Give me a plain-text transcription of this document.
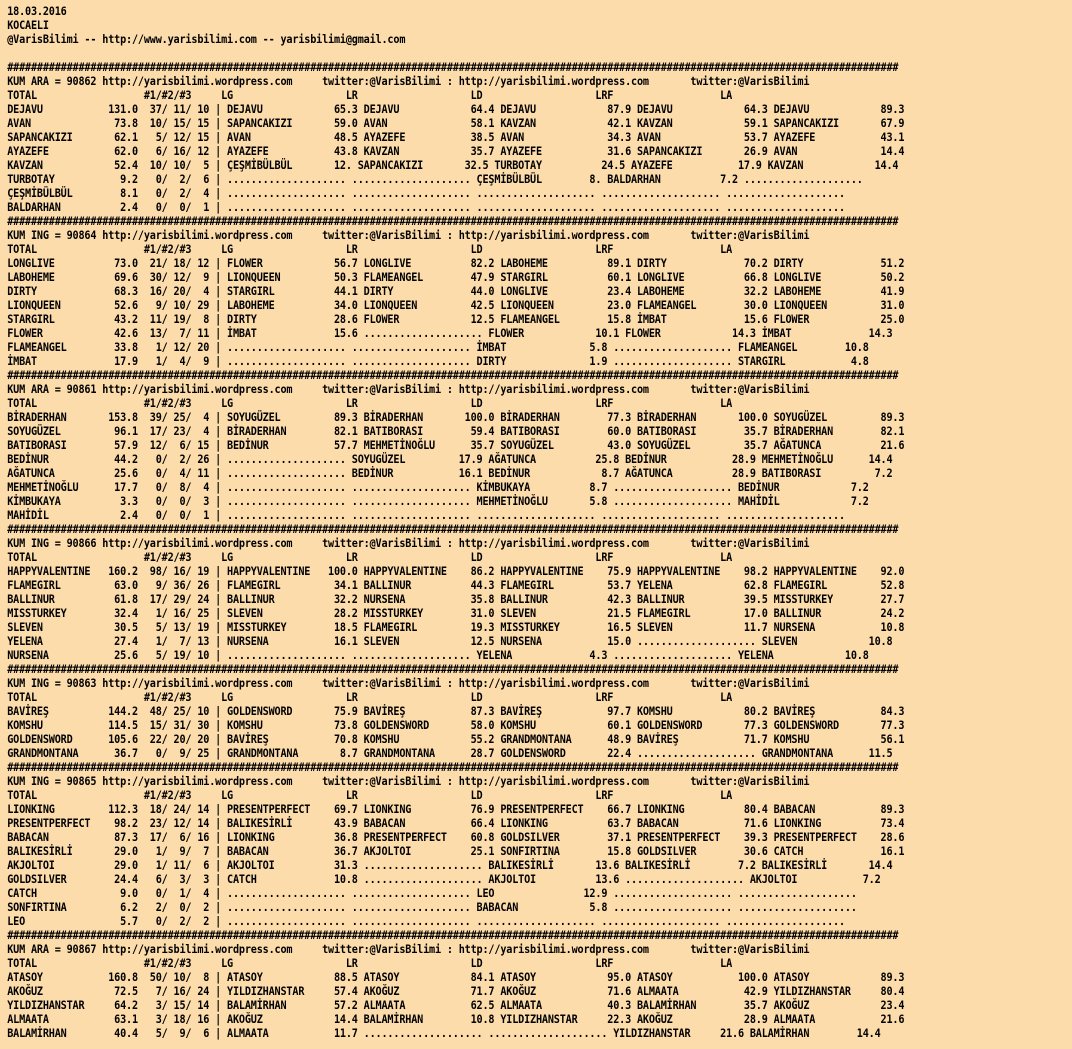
18.03.2016
KOCAELI
@VarisBilimi -- http://www.yarisbilimi.com -- yarisbilimi@gmail.com

######################################################################################################################################################
KUM ARA = 90862 http://yarisbilimi.wordpress.com     twitter:@VarisBilimi : http://yarisbilimi.wordpress.com       twitter:@VarisBilimi
TOTAL                  #1/#2/#3     LG                   LR                   LD                   LRF                  LA
DEJAVU           131.0  37/ 11/ 10 | DEJAVU            65.3 DEJAVU            64.4 DEJAVU            87.9 DEJAVU            64.3 DEJAVU            89.3
AVAN              73.8  10/ 15/ 15 | SAPANCAKIZI       59.0 AVAN              58.1 KAVZAN            42.1 KAVZAN            59.1 SAPANCAKIZI       67.9
SAPANCAKIZI       62.1   5/ 12/ 15 | AVAN              48.5 AYAZEFE           38.5 AVAN              34.3 AVAN              53.7 AYAZEFE           43.1
AYAZEFE           62.0   6/ 16/ 12 | AYAZEFE           43.8 KAVZAN            35.7 AYAZEFE           31.6 SAPANCAKIZI       26.9 AVAN              14.4
KAVZAN            52.4  10/ 10/  5 | ÇEŞMİBÜLBÜL       12. SAPANCAKIZI       32.5 TURBOTAY          24.5 AYAZEFE           17.9 KAVZAN            14.4
TURBOTAY           9.2   0/  2/  6 | .................... .................... ÇEŞMİBÜLBÜL        8. BALDARHAN          7.2 ....................
ÇEŞMİBÜLBÜL        8.1   0/  2/  4 | .................... .................... .................... .................... ....................
BALDARHAN          2.4   0/  0/  1 | .................... .................... .................... .................... ....................
######################################################################################################################################################
KUM ING = 90864 http://yarisbilimi.wordpress.com     twitter:@VarisBilimi : http://yarisbilimi.wordpress.com       twitter:@VarisBilimi
TOTAL                  #1/#2/#3     LG                   LR                   LD                   LRF                  LA
LONGLIVE          73.0  21/ 18/ 12 | FLOWER            56.7 LONGLIVE          82.2 LABOHEME          89.1 DIRTY             70.2 DIRTY             51.2
LABOHEME          69.6  30/ 12/  9 | LIONQUEEN         50.3 FLAMEANGEL        47.9 STARGIRL          60.1 LONGLIVE          66.8 LONGLIVE          50.2
DIRTY             68.3  16/ 20/  4 | STARGIRL          44.1 DIRTY             44.0 LONGLIVE          23.4 LABOHEME          32.2 LABOHEME          41.9
LIONQUEEN         52.6   9/ 10/ 29 | LABOHEME          34.0 LIONQUEEN         42.5 LIONQUEEN         23.0 FLAMEANGEL        30.0 LIONQUEEN         31.0
STARGIRL          43.2  11/ 19/  8 | DIRTY             28.6 FLOWER            12.5 FLAMEANGEL        15.8 İMBAT             15.6 FLOWER            25.0
FLOWER            42.6  13/  7/ 11 | İMBAT             15.6 .................... FLOWER            10.1 FLOWER            14.3 İMBAT             14.3
FLAMEANGEL        33.8   1/ 12/ 20 | .................... .................... İMBAT              5.8 .................... FLAMEANGEL        10.8
İMBAT             17.9   1/  4/  9 | .................... .................... DIRTY              1.9 .................... STARGIRL           4.8
######################################################################################################################################################
KUM ARA = 90861 http://yarisbilimi.wordpress.com     twitter:@VarisBilimi : http://yarisbilimi.wordpress.com       twitter:@VarisBilimi
TOTAL                  #1/#2/#3     LG                   LR                   LD                   LRF                  LA
BİRADERHAN       153.8  39/ 25/  4 | SOYUGÜZEL         89.3 BİRADERHAN       100.0 BİRADERHAN        77.3 BİRADERHAN       100.0 SOYUGÜZEL         89.3
SOYUGÜZEL         96.1  17/ 23/  4 | BİRADERHAN        82.1 BATIBORASI        59.4 BATIBORASI        60.0 BATIBORASI        35.7 BİRADERHAN        82.1
BATIBORASI        57.9  12/  6/ 15 | BEDİNUR           57.7 MEHMETİNOĞLU      35.7 SOYUGÜZEL         43.0 SOYUGÜZEL         35.7 AĞATUNCA          21.6
BEDİNUR           44.2   0/  2/ 26 | .................... SOYUGÜZEL         17.9 AĞATUNCA          25.8 BEDİNUR           28.9 MEHMETİNOĞLU      14.4
AĞATUNCA          25.6   0/  4/ 11 | .................... BEDİNUR           16.1 BEDİNUR            8.7 AĞATUNCA          28.9 BATIBORASI         7.2
MEHMETİNOĞLU      17.7   0/  8/  4 | .................... .................... KİMBUKAYA          8.7 .................... BEDİNUR            7.2
KİMBUKAYA          3.3   0/  0/  3 | .................... .................... MEHMETİNOĞLU       5.8 .................... MAHİDİL            7.2
MAHİDİL            2.4   0/  0/  1 | .................... .................... .................... .................... ....................
######################################################################################################################################################
KUM ING = 90866 http://yarisbilimi.wordpress.com     twitter:@VarisBilimi : http://yarisbilimi.wordpress.com       twitter:@VarisBilimi
TOTAL                  #1/#2/#3     LG                   LR                   LD                   LRF                  LA
HAPPYVALENTINE   160.2  98/ 16/ 19 | HAPPYVALENTINE   100.0 HAPPYVALENTINE    86.2 HAPPYVALENTINE    75.9 HAPPYVALENTINE    98.2 HAPPYVALENTINE    92.0
FLAMEGIRL         63.0   9/ 36/ 26 | FLAMEGIRL         34.1 BALLINUR          44.3 FLAMEGIRL         53.7 YELENA            62.8 FLAMEGIRL         52.8
BALLINUR          61.8  17/ 29/ 24 | BALLINUR          32.2 NURSENA           35.8 BALLINUR          42.3 BALLINUR          39.5 MISSTURKEY        27.7
MISSTURKEY        32.4   1/ 16/ 25 | SLEVEN            28.2 MISSTURKEY        31.0 SLEVEN            21.5 FLAMEGIRL         17.0 BALLINUR          24.2
SLEVEN            30.5   5/ 13/ 19 | MISSTURKEY        18.5 FLAMEGIRL         19.3 MISSTURKEY        16.5 SLEVEN            11.7 NURSENA           10.8
YELENA            27.4   1/  7/ 13 | NURSENA           16.1 SLEVEN            12.5 NURSENA           15.0 .................... SLEVEN            10.8
NURSENA           25.6   5/ 19/ 10 | .................... .................... YELENA             4.3 .................... YELENA            10.8
######################################################################################################################################################
KUM ING = 90863 http://yarisbilimi.wordpress.com     twitter:@VarisBilimi : http://yarisbilimi.wordpress.com       twitter:@VarisBilimi
TOTAL                  #1/#2/#3     LG                   LR                   LD                   LRF                  LA
BAVİREŞ          144.2  48/ 25/ 10 | GOLDENSWORD       75.9 BAVİREŞ           87.3 BAVİREŞ           97.7 KOMSHU            80.2 BAVİREŞ           84.3
KOMSHU           114.5  15/ 31/ 30 | KOMSHU            73.8 GOLDENSWORD       58.0 KOMSHU            60.1 GOLDENSWORD       77.3 GOLDENSWORD       77.3
GOLDENSWORD      105.6  22/ 20/ 20 | BAVİREŞ           70.8 KOMSHU            55.2 GRANDMONTANA      48.9 BAVİREŞ           71.7 KOMSHU            56.1
GRANDMONTANA      36.7   0/  9/ 25 | GRANDMONTANA       8.7 GRANDMONTANA      28.7 GOLDENSWORD       22.4 .................... GRANDMONTANA      11.5
######################################################################################################################################################
KUM ING = 90865 http://yarisbilimi.wordpress.com     twitter:@VarisBilimi : http://yarisbilimi.wordpress.com       twitter:@VarisBilimi
TOTAL                  #1/#2/#3     LG                   LR                   LD                   LRF                  LA
LIONKING         112.3  18/ 24/ 14 | PRESENTPERFECT    69.7 LIONKING          76.9 PRESENTPERFECT    66.7 LIONKING          80.4 BABACAN           89.3
PRESENTPERFECT    98.2  23/ 12/ 14 | BALIKESİRLİ       43.9 BABACAN           66.4 LIONKING          63.7 BABACAN           71.6 LIONKING          73.4
BABACAN           87.3  17/  6/ 16 | LIONKING          36.8 PRESENTPERFECT    60.8 GOLDSILVER        37.1 PRESENTPERFECT    39.3 PRESENTPERFECT    28.6
BALIKESİRLİ       29.0   1/  9/  7 | BABACAN           36.7 AKJOLTOI          25.1 SONFIRTINA        15.8 GOLDSILVER        30.6 CATCH             16.1
AKJOLTOI          29.0   1/ 11/  6 | AKJOLTOI          31.3 .................... BALIKESİRLİ       13.6 BALIKESİRLİ        7.2 BALIKESİRLİ       14.4
GOLDSILVER        24.4   6/  3/  3 | CATCH             10.8 .................... AKJOLTOI          13.6 .................... AKJOLTOI           7.2
CATCH              9.0   0/  1/  4 | .................... .................... LEO               12.9 .................... ....................
SONFIRTINA         6.2   2/  0/  2 | .................... .................... BABACAN            5.8 .................... ....................
LEO                5.7   0/  2/  2 | .................... .................... .................... .................... ....................
######################################################################################################################################################
KUM ARA = 90867 http://yarisbilimi.wordpress.com     twitter:@VarisBilimi : http://yarisbilimi.wordpress.com       twitter:@VarisBilimi
TOTAL                  #1/#2/#3     LG                   LR                   LD                   LRF                  LA
ATASOY           160.8  50/ 10/  8 | ATASOY            88.5 ATASOY            84.1 ATASOY            95.0 ATASOY           100.0 ATASOY            89.3
AKOĞUZ            72.5   7/ 16/ 24 | YILDIZHANSTAR     57.4 AKOĞUZ            71.7 AKOĞUZ            71.6 ALMAATA           42.9 YILDIZHANSTAR     80.4
YILDIZHANSTAR     64.2   3/ 15/ 14 | BALAMİRHAN        57.2 ALMAATA           62.5 ALMAATA           40.3 BALAMİRHAN        35.7 AKOĞUZ            23.4
ALMAATA           63.1   3/ 18/ 16 | AKOĞUZ            14.4 BALAMİRHAN        10.8 YILDIZHANSTAR     22.3 AKOĞUZ            28.9 ALMAATA           21.6
BALAMİRHAN        40.4   5/  9/  6 | ALMAATA           11.7 .................... .................... YILDIZHANSTAR     21.6 BALAMİRHAN        14.4
